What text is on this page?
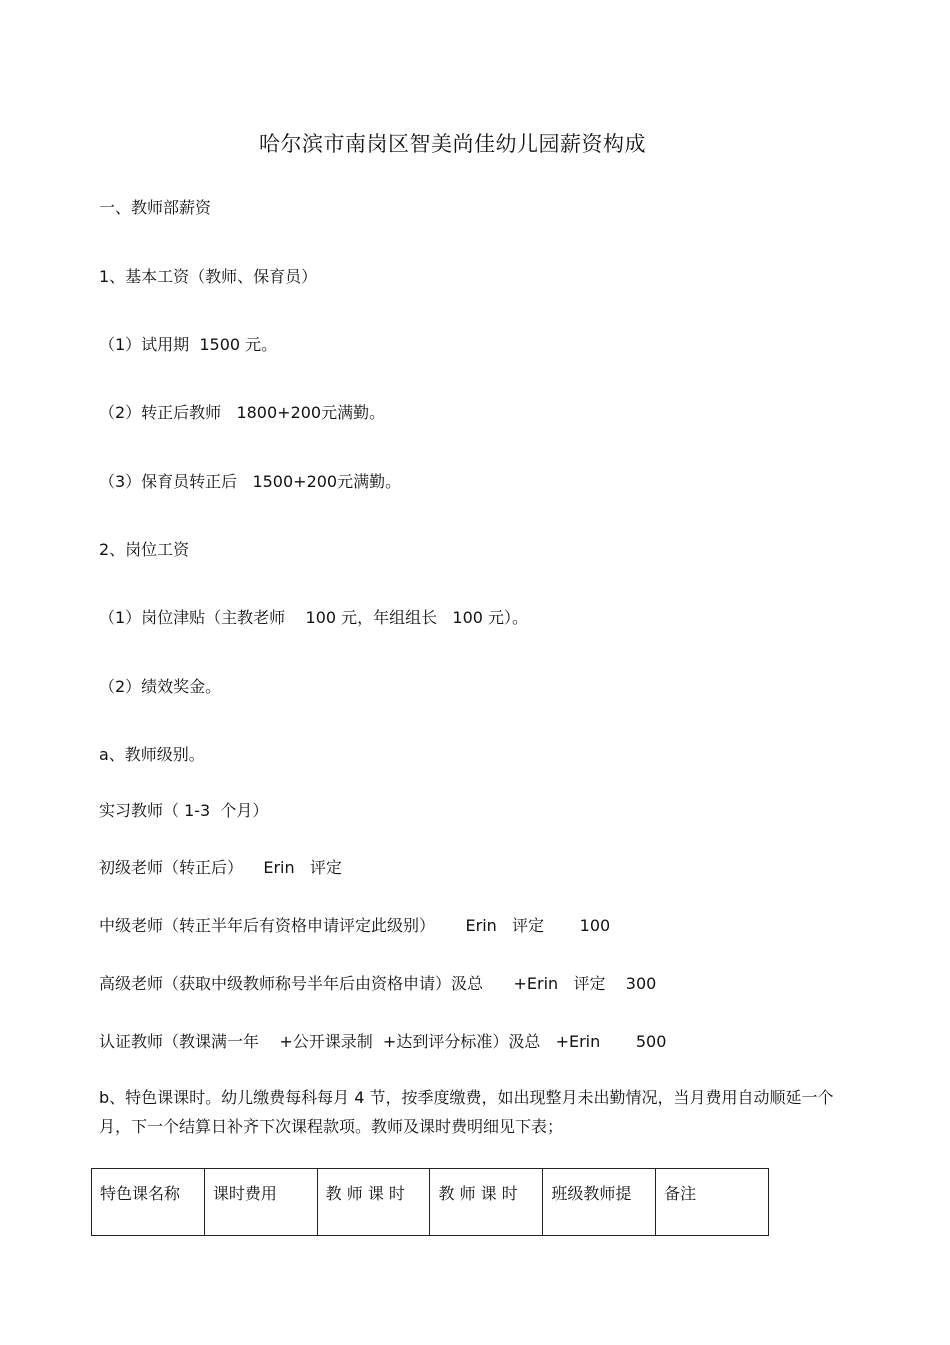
哈尔滨市南岗区智美尚佳幼儿园薪资构成
一、教师部薪资
1、基本工资（教师、保育员）
（1）试用期  1500 元。
（2）转正后教师   1800+200元满勤。
（3）保育员转正后   1500+200元满勤。
2、岗位工资
（1）岗位津贴（主教老师    100 元，年组组长   100 元）。
（2）绩效奖金。
a、教师级别。
实习教师（ 1-3  个月）
初级老师（转正后）    Erin   评定
中级老师（转正半年后有资格申请评定此级别）      Erin   评定       100
高级老师（获取中级教师称号半年后由资格申请）汲总      +Erin   评定    300
认证教师（教课满一年    +公开课录制  +达到评分标准）汲总   +Erin       500
b、特色课课时。幼儿缴费每科每月 4 节，按季度缴费，如出现整月未出勤情况，当月费用自动顺延一个月，下一个结算日补齐下次课程款项。教师及课时费明细见下表；
特色课名称	课时费用	教 师 课 时	教 师 课 时	班级教师提	备注
